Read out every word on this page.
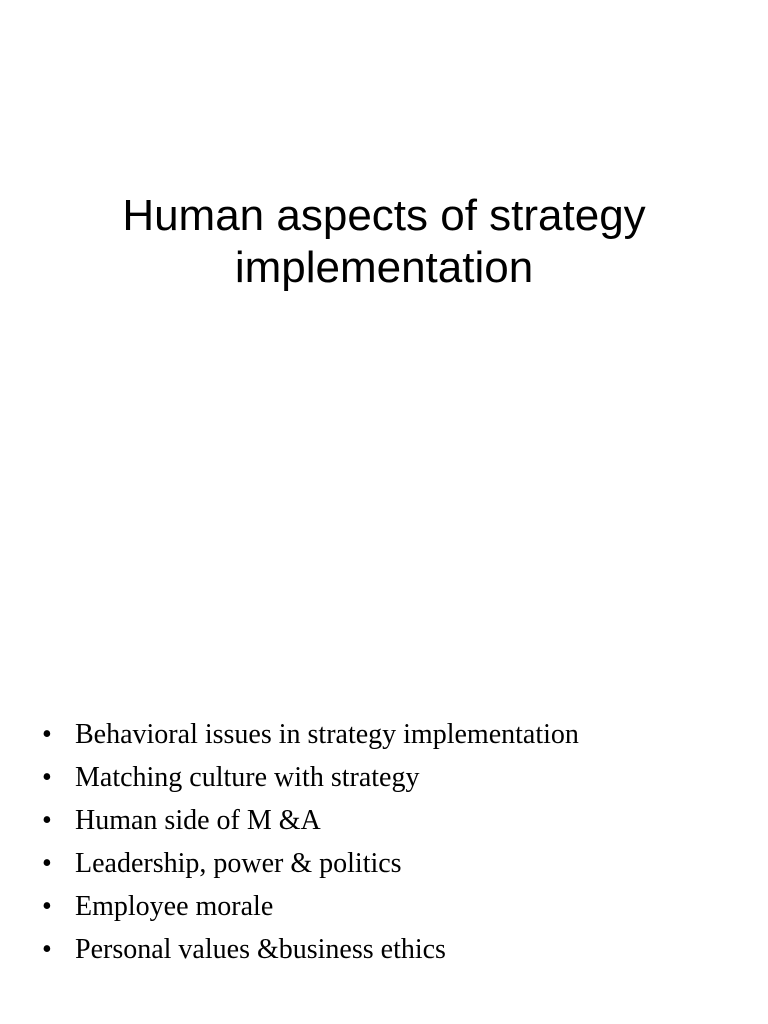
Human aspects of strategy
implementation
• Behavioral issues in strategy implementation
• Matching culture with strategy
• Human side of M &A
• Leadership, power & politics
• Employee morale
• Personal values &business ethics
